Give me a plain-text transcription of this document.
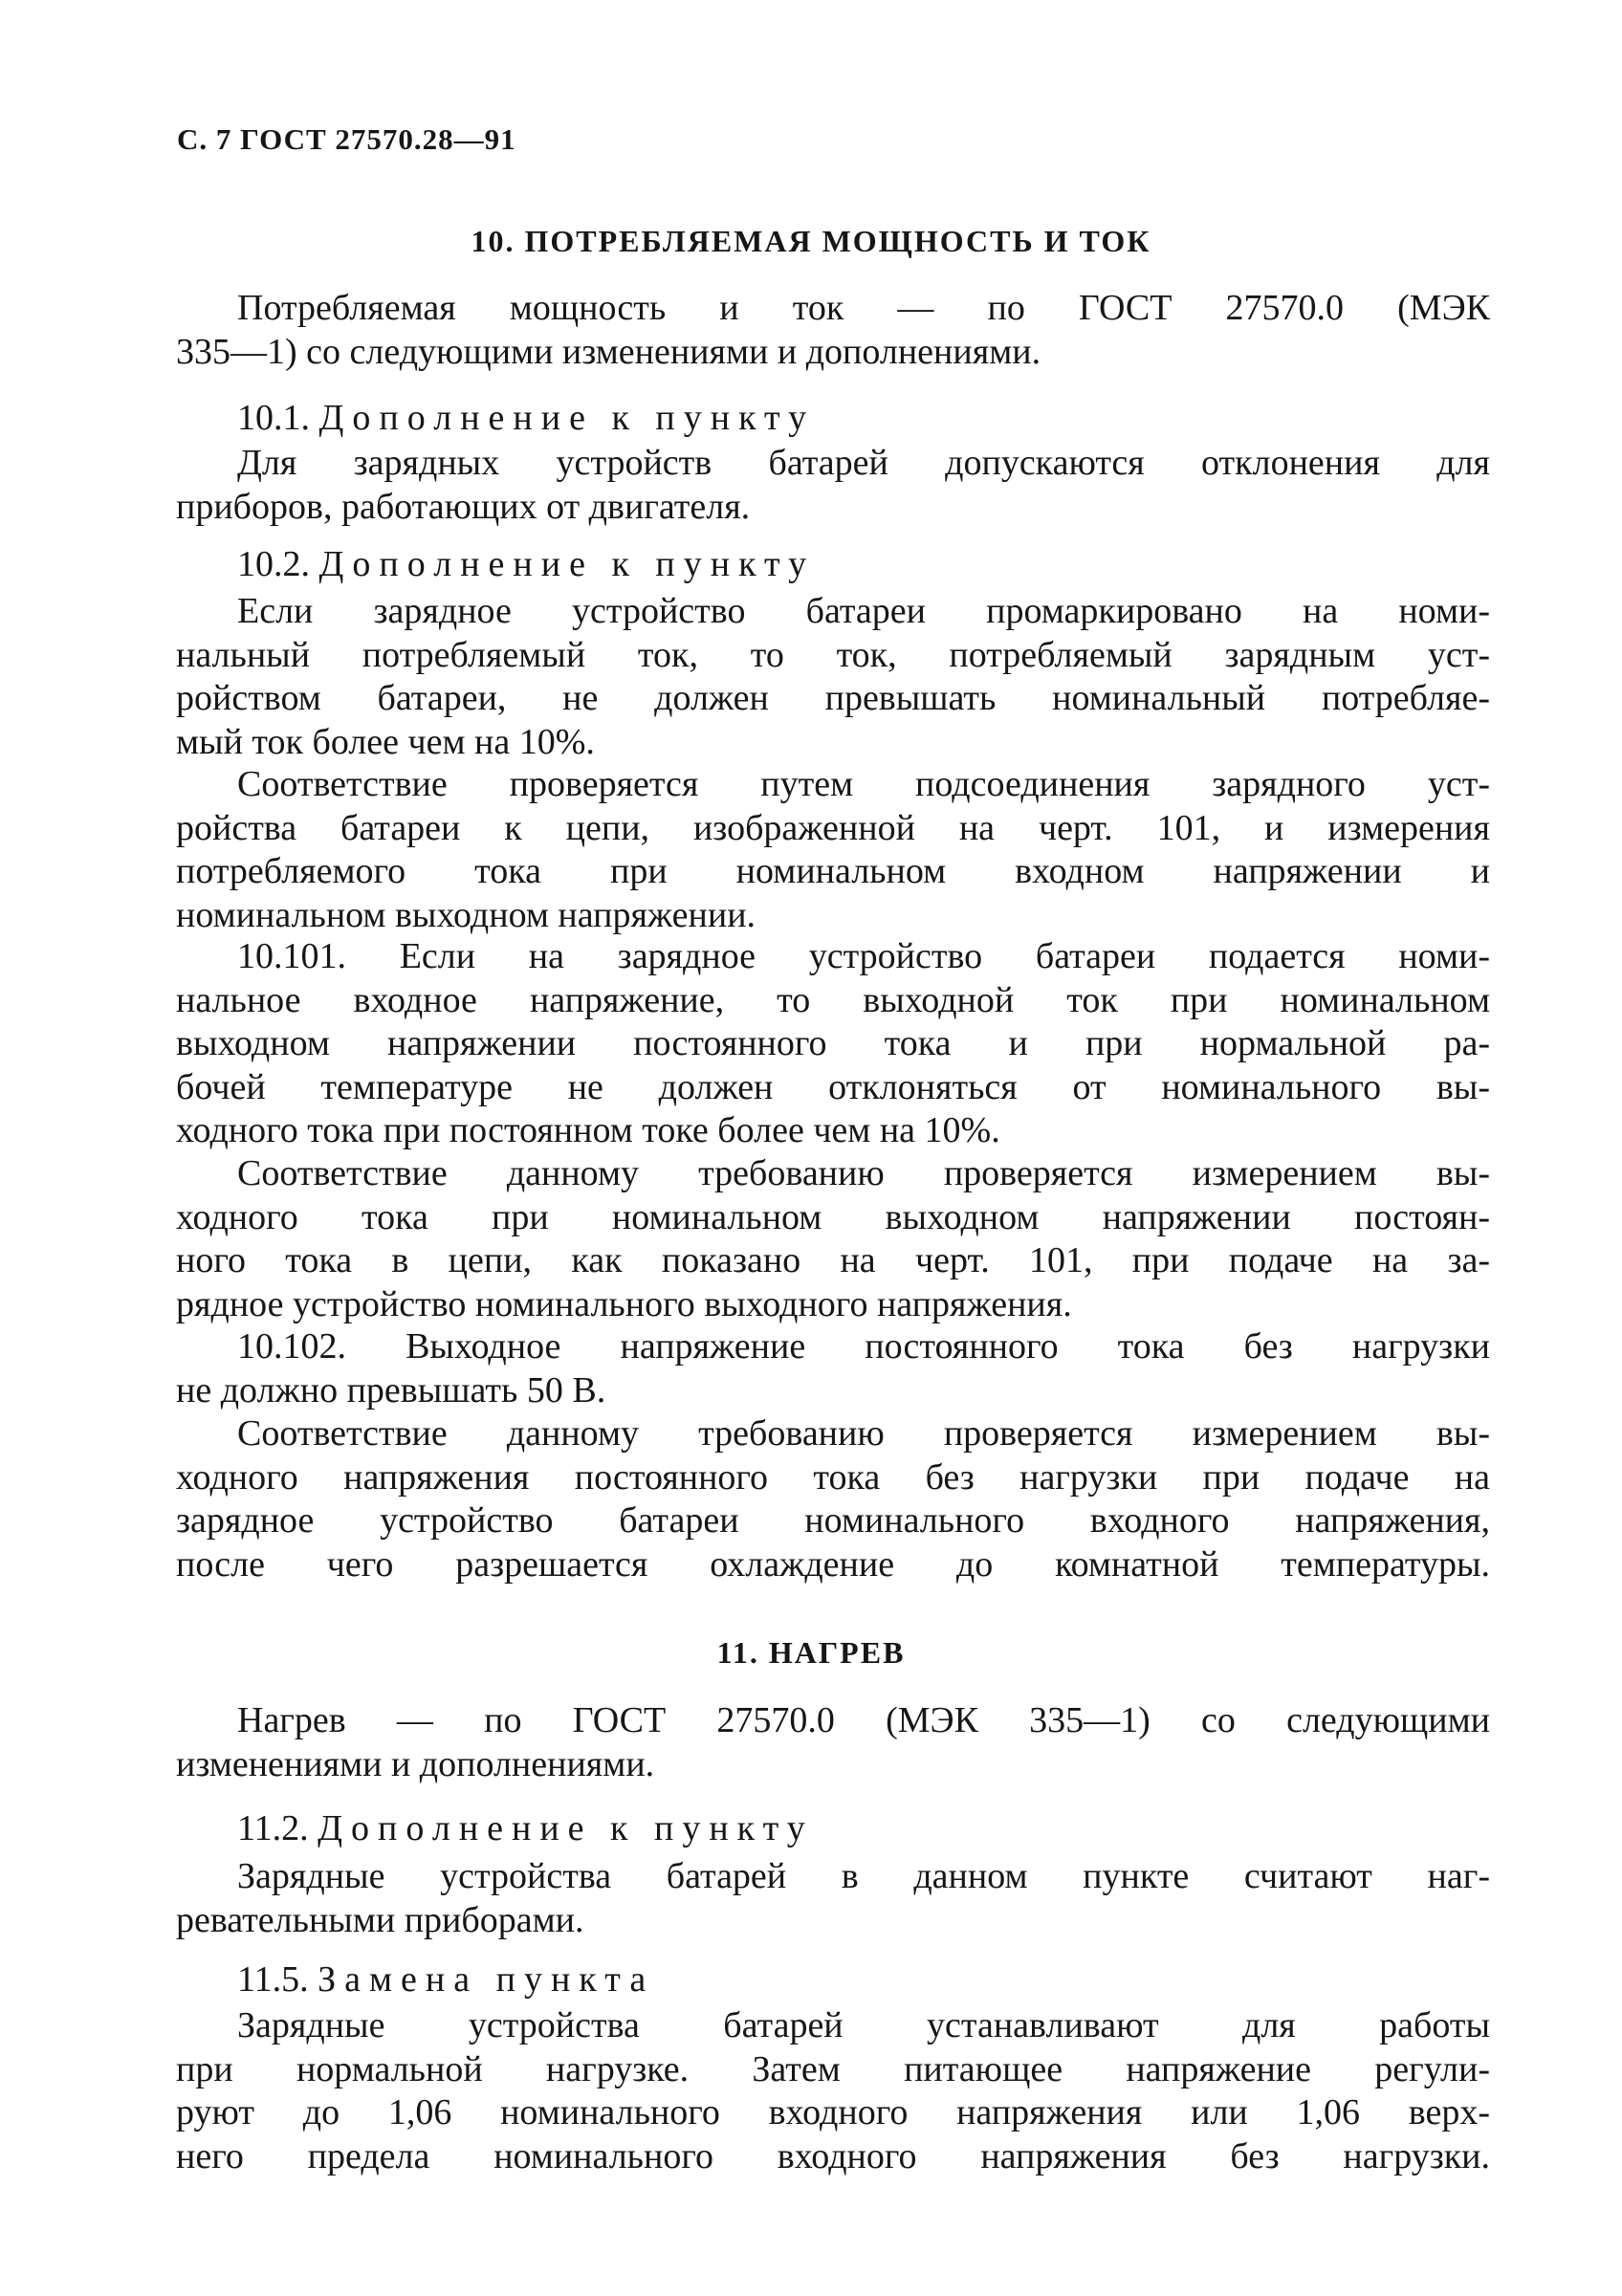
С. 7 ГОСТ 27570.28—91
10. ПОТРЕБЛЯЕМАЯ МОЩНОСТЬ И ТОК
Потребляемая мощность и ток — по ГОСТ 27570.0 (МЭК
335—1) со следующими изменениями и дополнениями.
10.1. Дополнение к пункту
Для зарядных устройств батарей допускаются отклонения для
приборов, работающих от двигателя.
10.2. Дополнение к пункту
Если зарядное устройство батареи промаркировано на номи-
нальный потребляемый ток, то ток, потребляемый зарядным уст-
ройством батареи, не должен превышать номинальный потребляе-
мый ток более чем на 10%.
Соответствие проверяется путем подсоединения зарядного уст-
ройства батареи к цепи, изображенной на черт. 101, и измерения
потребляемого тока при номинальном входном напряжении и
номинальном выходном напряжении.
10.101. Если на зарядное устройство батареи подается номи-
нальное входное напряжение, то выходной ток при номинальном
выходном напряжении постоянного тока и при нормальной ра-
бочей температуре не должен отклоняться от номинального вы-
ходного тока при постоянном токе более чем на 10%.
Соответствие данному требованию проверяется измерением вы-
ходного тока при номинальном выходном напряжении постоян-
ного тока в цепи, как показано на черт. 101, при подаче на за-
рядное устройство номинального выходного напряжения.
10.102. Выходное напряжение постоянного тока без нагрузки
не должно превышать 50 В.
Соответствие данному требованию проверяется измерением вы-
ходного напряжения постоянного тока без нагрузки при подаче на
зарядное устройство батареи номинального входного напряжения,
после чего разрешается охлаждение до комнатной температуры.
11. НАГРЕВ
Нагрев — по ГОСТ 27570.0 (МЭК 335—1) со следующими
изменениями и дополнениями.
11.2. Дополнение к пункту
Зарядные устройства батарей в данном пункте считают наг-
ревательными приборами.
11.5. Замена пункта
Зарядные устройства батарей устанавливают для работы
при нормальной нагрузке. Затем питающее напряжение регули-
руют до 1,06 номинального входного напряжения или 1,06 верх-
него предела номинального входного напряжения без нагрузки.
